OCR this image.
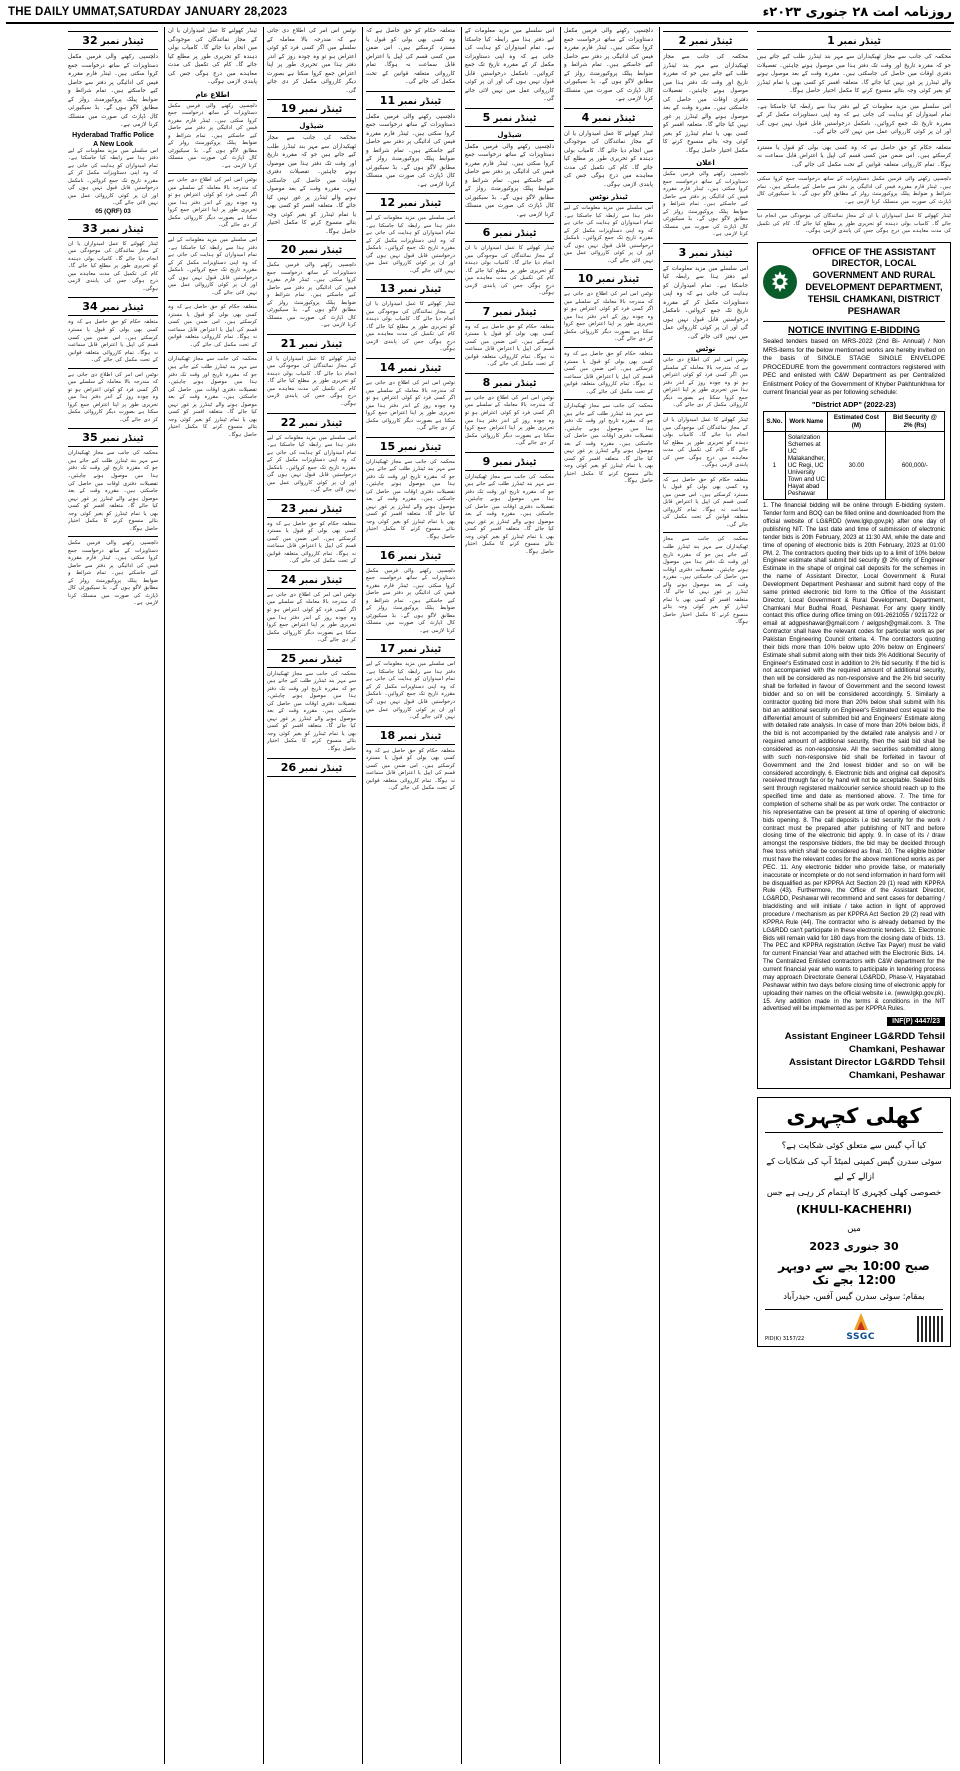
THE DAILY UMMAT,SATURDAY JANUARY 28,2023	روزنامہ امت ۲۸ جنوری ۲۰۲۳ء
ٹینڈر نمبر 1
محکمہ کی جانب سے مجاز ٹھیکیداران سے مہر بند ٹینڈرز طلب کیے جاتے ہیں جو کہ مقررہ تاریخ اور وقت تک دفتر ہذا میں موصول ہونے چاہئیں۔ تفصیلات دفتری اوقات میں حاصل کی جاسکتی ہیں۔ مقررہ وقت کے بعد موصول ہونے والے ٹینڈرز پر غور نہیں کیا جائے گا۔ متعلقہ افسر کو کسی بھی یا تمام ٹینڈرز کو بغیر کوئی وجہ بتائے منسوخ کرنے کا مکمل اختیار حاصل ہوگا۔
اس سلسلے میں مزید معلومات کے لیے دفتر ہذا سے رابطہ کیا جاسکتا ہے۔ تمام امیدواران کو ہدایت کی جاتی ہے کہ وہ اپنی دستاویزات مکمل کر کے مقررہ تاریخ تک جمع کروائیں۔ نامکمل درخواستیں قابل قبول نہیں ہوں گی اور ان پر کوئی کارروائی عمل میں نہیں لائی جائے گی۔
متعلقہ حکام کو حق حاصل ہے کہ وہ کسی بھی بولی کو قبول یا مسترد کرسکتے ہیں۔ اس ضمن میں کسی قسم کی اپیل یا اعتراض قابل سماعت نہ ہوگا۔ تمام کارروائی متعلقہ قوانین کے تحت مکمل کی جائے گی۔
دلچسپی رکھنے والی فرمیں مکمل دستاویزات کے ساتھ درخواست جمع کروا سکتی ہیں۔ ٹینڈر فارم مقررہ فیس کی ادائیگی پر دفتر سے حاصل کیے جاسکتے ہیں۔ تمام شرائط و ضوابط پبلک پروکیورمنٹ رولز کے مطابق لاگو ہوں گے۔ بڈ سیکیورٹی کال ڈپازٹ کی صورت میں منسلک کرنا لازمی ہے۔
ٹینڈر کھولنے کا عمل امیدواران یا ان کے مجاز نمائندگان کی موجودگی میں انجام دیا جائے گا۔ کامیاب بولی دہندہ کو تحریری طور پر مطلع کیا جائے گا۔ کام کی تکمیل کی مدت معاہدے میں درج ہوگی جس کی پابندی لازمی ہوگی۔
OFFICE OF THE ASSISTANT DIRECTOR, LOCAL GOVERNMENT AND RURAL DEVELOPMENT DEPARTMENT, TEHSIL CHAMKANI, DISTRICT PESHAWAR
NOTICE INVITING E-BIDDING
Sealed tenders based on MRS-2022 (2nd Bi- Annual) / Non MRS-items for the below mentioned works are hereby invited on the basis of SINGLE STAGE SINGLE ENVELOPE PROCEDURE from the government contractors registered with PEC and enlisted with C&W Department as per Centralized Enlistment Policy of the Government of Khyber Pakhtunkhwa for current financial year as per following schedule:
"District ADP" (2022-23)
S.No.	Work Name	Estimated Cost (M)	Bid Security @ 2% (Rs)
1	Solarization Schemes at UC Malakandher, UC Regi, UC University Town and UC Hayat abad Peshawar	30.00	600,000/-
1. The financial bidding will be online through E-bidding system. Tender form and BOQ can be filled online and downloaded from the official website of LG&RDD (www.lgkp.gov.pk) after one day of publishing NIT. The last date and time of submission of electronic tender bids is 20th February, 2023 at 11:30 AM, while the date and time of opening of electronic bids is 20th February, 2023 at 01:00 PM. 2. The contractors quoting their bids up to a limit of 10% below Engineer estimate shall submit bid security @ 2% only of Engineer Estimate in the shape of original call deposits for the schemes in the name of Assistant Director, Local Government & Rural Development Department Peshawar and submit hard copy of the same printed electronic bid form to the Office of the Assistant Director, Local Government & Rural Development, Department, Chamkani Mur Budhai Road, Peshawar. For any query kindly contact this office during office timing on 091-2621055 / 9211722 or email at adgpeshawar@gmail.com / aelgpsh@gmail.com. 3. The Contractor shall have the relevant codes for particular work as per Pakistan Engineering Council criteria. 4. The contractors quoting their bids more than 10% below upto 20% below on Engineers' Estimate shall submit along with their bids 3% Additional Security of Engineer's Estimated cost in addition to 2% bid security. If the bid is not accompanied with the required amount of additional security, then will be considered as non-responsive and the 2% bid security shall be forfeited in favour of Government and the second lowest bidder and so on will be considered accordingly. 5. Similarly a contractor quoting bid more than 20% below shall submit with his bid an additional security on Engineer's Estimated cost equal to the differential amount of submitted bid and Engineers' Estimate along with detailed rate analysis. In case of more than 20% below bids, if the bid is not accompanied by the detailed rate analysis and / or required amount of additional security, then the said bid shall be considered as non-responsive. All the securities submitted along with such non-responsive bid shall be forfeited in favour of Government and the 2nd lowest bidder and so on will be considered accordingly. 6. Electronic bids and original call deposit's received through fax or by hand will not be acceptable. Sealed bids sent through registered mail/courier service should reach up to the specified time and date as mentioned above. 7. The time for completion of scheme shall be as per work order. The contractor or his representative can be present at time of opening of electronic bids opening. 8. The call deposits i.e bid security for the work / contract must be prepared after publishing of NIT and before closing time of the electronic bid apply. 9. In case of its / draw amongst the responsive bidders, the bid may be decided through free toss which shall be considered as final. 10. The eligible bidder must have the relevant codes for the above mentioned works as per PEC. 11. Any electronic bidder who provide false, or materially inaccurate or incomplete or do not send information in hard form will be disqualified as per KPPRA Act Section 29 (1) read with KPPRA Rule (43). Furthermore, the Office of the Assistant Director, LG&RDD, Peshawar will recommend and sent cases for debarring / blacklisting and will initiate / take action in light of approved procedure / mechanism as per KPPRA Act Section 29 (2) read with KPPRA Rule (44). The contractor who is already debarred by the LG&RDD can't participate in these electronic tenders. 12. Electronic Bids will remain valid for 180 days from the closing date of bids. 13. The PEC and KPPRA registration /Active Tax Payer) must be valid for current Financial Year and attached with the Electronic Bids. 14. The Centralized Enlisted contractors with C&W department for the current financial year who wants to participate in tendering process may approach Directorate General LG&RDD, Phase-V, Hayatabad Peshawar within two days before closing time of electronic apply for uploading their names on the official website i.e. (www.lgkp.gov.pk). 15. Any addition made in the terms & conditions in the NIT advertised will be implemented as per KPPRA Rules.
INF(P) 4447/23
Assistant Engineer LG&RDD Tehsil Chamkani, Peshawar
Assistant Director LG&RDD Tehsil Chamkani, Peshawar
کھلی کچہری
کیا آپ گیس سے متعلق کوئی شکایت ہے؟
سوئی سدرن گیس کمپنی لمیٹڈ آپ کی شکایات کے ازالے کے لیے
خصوصی کھلی کچہری کا اہتمام کر رہی ہے جس
(KHULI-KACHEHRI)
میں
30 جنوری 2023
صبح 10:00 بجے سے دوپہر 12:00 بجے تک
بمقام: سوئی سدرن گیس آفس، حیدرآباد
PID(K) 3157/22	SSGC
ٹینڈر نمبر 2
محکمہ کی جانب سے مجاز ٹھیکیداران سے مہر بند ٹینڈرز طلب کیے جاتے ہیں جو کہ مقررہ تاریخ اور وقت تک دفتر ہذا میں موصول ہونے چاہئیں۔ تفصیلات دفتری اوقات میں حاصل کی جاسکتی ہیں۔ مقررہ وقت کے بعد موصول ہونے والے ٹینڈرز پر غور نہیں کیا جائے گا۔ متعلقہ افسر کو کسی بھی یا تمام ٹینڈرز کو بغیر کوئی وجہ بتائے منسوخ کرنے کا مکمل اختیار حاصل ہوگا۔
اعلان
دلچسپی رکھنے والی فرمیں مکمل دستاویزات کے ساتھ درخواست جمع کروا سکتی ہیں۔ ٹینڈر فارم مقررہ فیس کی ادائیگی پر دفتر سے حاصل کیے جاسکتے ہیں۔ تمام شرائط و ضوابط پبلک پروکیورمنٹ رولز کے مطابق لاگو ہوں گے۔ بڈ سیکیورٹی کال ڈپازٹ کی صورت میں منسلک کرنا لازمی ہے۔
ٹینڈر نمبر 3
اس سلسلے میں مزید معلومات کے لیے دفتر ہذا سے رابطہ کیا جاسکتا ہے۔ تمام امیدواران کو ہدایت کی جاتی ہے کہ وہ اپنی دستاویزات مکمل کر کے مقررہ تاریخ تک جمع کروائیں۔ نامکمل درخواستیں قابل قبول نہیں ہوں گی اور ان پر کوئی کارروائی عمل میں نہیں لائی جائے گی۔
نوٹس
نوٹس اس امر کی اطلاع دی جاتی ہے کہ مندرجہ بالا معاملہ کے سلسلے میں اگر کسی فرد کو کوئی اعتراض ہو تو وہ چودہ روز کے اندر دفتر ہذا میں تحریری طور پر اپنا اعتراض جمع کروا سکتا ہے بصورت دیگر کارروائی مکمل کر دی جائے گی۔
ٹینڈر کھولنے کا عمل امیدواران یا ان کے مجاز نمائندگان کی موجودگی میں انجام دیا جائے گا۔ کامیاب بولی دہندہ کو تحریری طور پر مطلع کیا جائے گا۔ کام کی تکمیل کی مدت معاہدے میں درج ہوگی جس کی پابندی لازمی ہوگی۔
متعلقہ حکام کو حق حاصل ہے کہ وہ کسی بھی بولی کو قبول یا مسترد کرسکتے ہیں۔ اس ضمن میں کسی قسم کی اپیل یا اعتراض قابل سماعت نہ ہوگا۔ تمام کارروائی متعلقہ قوانین کے تحت مکمل کی جائے گی۔
محکمہ کی جانب سے مجاز ٹھیکیداران سے مہر بند ٹینڈرز طلب کیے جاتے ہیں جو کہ مقررہ تاریخ اور وقت تک دفتر ہذا میں موصول ہونے چاہئیں۔ تفصیلات دفتری اوقات میں حاصل کی جاسکتی ہیں۔ مقررہ وقت کے بعد موصول ہونے والے ٹینڈرز پر غور نہیں کیا جائے گا۔ متعلقہ افسر کو کسی بھی یا تمام ٹینڈرز کو بغیر کوئی وجہ بتائے منسوخ کرنے کا مکمل اختیار حاصل ہوگا۔
دلچسپی رکھنے والی فرمیں مکمل دستاویزات کے ساتھ درخواست جمع کروا سکتی ہیں۔ ٹینڈر فارم مقررہ فیس کی ادائیگی پر دفتر سے حاصل کیے جاسکتے ہیں۔ تمام شرائط و ضوابط پبلک پروکیورمنٹ رولز کے مطابق لاگو ہوں گے۔ بڈ سیکیورٹی کال ڈپازٹ کی صورت میں منسلک کرنا لازمی ہے۔
ٹینڈر نمبر 4
ٹینڈر کھولنے کا عمل امیدواران یا ان کے مجاز نمائندگان کی موجودگی میں انجام دیا جائے گا۔ کامیاب بولی دہندہ کو تحریری طور پر مطلع کیا جائے گا۔ کام کی تکمیل کی مدت معاہدے میں درج ہوگی جس کی پابندی لازمی ہوگی۔
ٹینڈر نوٹس
اس سلسلے میں مزید معلومات کے لیے دفتر ہذا سے رابطہ کیا جاسکتا ہے۔ تمام امیدواران کو ہدایت کی جاتی ہے کہ وہ اپنی دستاویزات مکمل کر کے مقررہ تاریخ تک جمع کروائیں۔ نامکمل درخواستیں قابل قبول نہیں ہوں گی اور ان پر کوئی کارروائی عمل میں نہیں لائی جائے گی۔
ٹینڈر نمبر 10
نوٹس اس امر کی اطلاع دی جاتی ہے کہ مندرجہ بالا معاملہ کے سلسلے میں اگر کسی فرد کو کوئی اعتراض ہو تو وہ چودہ روز کے اندر دفتر ہذا میں تحریری طور پر اپنا اعتراض جمع کروا سکتا ہے بصورت دیگر کارروائی مکمل کر دی جائے گی۔
متعلقہ حکام کو حق حاصل ہے کہ وہ کسی بھی بولی کو قبول یا مسترد کرسکتے ہیں۔ اس ضمن میں کسی قسم کی اپیل یا اعتراض قابل سماعت نہ ہوگا۔ تمام کارروائی متعلقہ قوانین کے تحت مکمل کی جائے گی۔
محکمہ کی جانب سے مجاز ٹھیکیداران سے مہر بند ٹینڈرز طلب کیے جاتے ہیں جو کہ مقررہ تاریخ اور وقت تک دفتر ہذا میں موصول ہونے چاہئیں۔ تفصیلات دفتری اوقات میں حاصل کی جاسکتی ہیں۔ مقررہ وقت کے بعد موصول ہونے والے ٹینڈرز پر غور نہیں کیا جائے گا۔ متعلقہ افسر کو کسی بھی یا تمام ٹینڈرز کو بغیر کوئی وجہ بتائے منسوخ کرنے کا مکمل اختیار حاصل ہوگا۔
اس سلسلے میں مزید معلومات کے لیے دفتر ہذا سے رابطہ کیا جاسکتا ہے۔ تمام امیدواران کو ہدایت کی جاتی ہے کہ وہ اپنی دستاویزات مکمل کر کے مقررہ تاریخ تک جمع کروائیں۔ نامکمل درخواستیں قابل قبول نہیں ہوں گی اور ان پر کوئی کارروائی عمل میں نہیں لائی جائے گی۔
ٹینڈر نمبر 5
شیڈول
دلچسپی رکھنے والی فرمیں مکمل دستاویزات کے ساتھ درخواست جمع کروا سکتی ہیں۔ ٹینڈر فارم مقررہ فیس کی ادائیگی پر دفتر سے حاصل کیے جاسکتے ہیں۔ تمام شرائط و ضوابط پبلک پروکیورمنٹ رولز کے مطابق لاگو ہوں گے۔ بڈ سیکیورٹی کال ڈپازٹ کی صورت میں منسلک کرنا لازمی ہے۔
ٹینڈر نمبر 6
ٹینڈر کھولنے کا عمل امیدواران یا ان کے مجاز نمائندگان کی موجودگی میں انجام دیا جائے گا۔ کامیاب بولی دہندہ کو تحریری طور پر مطلع کیا جائے گا۔ کام کی تکمیل کی مدت معاہدے میں درج ہوگی جس کی پابندی لازمی ہوگی۔
ٹینڈر نمبر 7
متعلقہ حکام کو حق حاصل ہے کہ وہ کسی بھی بولی کو قبول یا مسترد کرسکتے ہیں۔ اس ضمن میں کسی قسم کی اپیل یا اعتراض قابل سماعت نہ ہوگا۔ تمام کارروائی متعلقہ قوانین کے تحت مکمل کی جائے گی۔
ٹینڈر نمبر 8
نوٹس اس امر کی اطلاع دی جاتی ہے کہ مندرجہ بالا معاملہ کے سلسلے میں اگر کسی فرد کو کوئی اعتراض ہو تو وہ چودہ روز کے اندر دفتر ہذا میں تحریری طور پر اپنا اعتراض جمع کروا سکتا ہے بصورت دیگر کارروائی مکمل کر دی جائے گی۔
ٹینڈر نمبر 9
محکمہ کی جانب سے مجاز ٹھیکیداران سے مہر بند ٹینڈرز طلب کیے جاتے ہیں جو کہ مقررہ تاریخ اور وقت تک دفتر ہذا میں موصول ہونے چاہئیں۔ تفصیلات دفتری اوقات میں حاصل کی جاسکتی ہیں۔ مقررہ وقت کے بعد موصول ہونے والے ٹینڈرز پر غور نہیں کیا جائے گا۔ متعلقہ افسر کو کسی بھی یا تمام ٹینڈرز کو بغیر کوئی وجہ بتائے منسوخ کرنے کا مکمل اختیار حاصل ہوگا۔
متعلقہ حکام کو حق حاصل ہے کہ وہ کسی بھی بولی کو قبول یا مسترد کرسکتے ہیں۔ اس ضمن میں کسی قسم کی اپیل یا اعتراض قابل سماعت نہ ہوگا۔ تمام کارروائی متعلقہ قوانین کے تحت مکمل کی جائے گی۔
ٹینڈر نمبر 11
دلچسپی رکھنے والی فرمیں مکمل دستاویزات کے ساتھ درخواست جمع کروا سکتی ہیں۔ ٹینڈر فارم مقررہ فیس کی ادائیگی پر دفتر سے حاصل کیے جاسکتے ہیں۔ تمام شرائط و ضوابط پبلک پروکیورمنٹ رولز کے مطابق لاگو ہوں گے۔ بڈ سیکیورٹی کال ڈپازٹ کی صورت میں منسلک کرنا لازمی ہے۔
ٹینڈر نمبر 12
اس سلسلے میں مزید معلومات کے لیے دفتر ہذا سے رابطہ کیا جاسکتا ہے۔ تمام امیدواران کو ہدایت کی جاتی ہے کہ وہ اپنی دستاویزات مکمل کر کے مقررہ تاریخ تک جمع کروائیں۔ نامکمل درخواستیں قابل قبول نہیں ہوں گی اور ان پر کوئی کارروائی عمل میں نہیں لائی جائے گی۔
ٹینڈر نمبر 13
ٹینڈر کھولنے کا عمل امیدواران یا ان کے مجاز نمائندگان کی موجودگی میں انجام دیا جائے گا۔ کامیاب بولی دہندہ کو تحریری طور پر مطلع کیا جائے گا۔ کام کی تکمیل کی مدت معاہدے میں درج ہوگی جس کی پابندی لازمی ہوگی۔
ٹینڈر نمبر 14
نوٹس اس امر کی اطلاع دی جاتی ہے کہ مندرجہ بالا معاملہ کے سلسلے میں اگر کسی فرد کو کوئی اعتراض ہو تو وہ چودہ روز کے اندر دفتر ہذا میں تحریری طور پر اپنا اعتراض جمع کروا سکتا ہے بصورت دیگر کارروائی مکمل کر دی جائے گی۔
ٹینڈر نمبر 15
محکمہ کی جانب سے مجاز ٹھیکیداران سے مہر بند ٹینڈرز طلب کیے جاتے ہیں جو کہ مقررہ تاریخ اور وقت تک دفتر ہذا میں موصول ہونے چاہئیں۔ تفصیلات دفتری اوقات میں حاصل کی جاسکتی ہیں۔ مقررہ وقت کے بعد موصول ہونے والے ٹینڈرز پر غور نہیں کیا جائے گا۔ متعلقہ افسر کو کسی بھی یا تمام ٹینڈرز کو بغیر کوئی وجہ بتائے منسوخ کرنے کا مکمل اختیار حاصل ہوگا۔
ٹینڈر نمبر 16
دلچسپی رکھنے والی فرمیں مکمل دستاویزات کے ساتھ درخواست جمع کروا سکتی ہیں۔ ٹینڈر فارم مقررہ فیس کی ادائیگی پر دفتر سے حاصل کیے جاسکتے ہیں۔ تمام شرائط و ضوابط پبلک پروکیورمنٹ رولز کے مطابق لاگو ہوں گے۔ بڈ سیکیورٹی کال ڈپازٹ کی صورت میں منسلک کرنا لازمی ہے۔
ٹینڈر نمبر 17
اس سلسلے میں مزید معلومات کے لیے دفتر ہذا سے رابطہ کیا جاسکتا ہے۔ تمام امیدواران کو ہدایت کی جاتی ہے کہ وہ اپنی دستاویزات مکمل کر کے مقررہ تاریخ تک جمع کروائیں۔ نامکمل درخواستیں قابل قبول نہیں ہوں گی اور ان پر کوئی کارروائی عمل میں نہیں لائی جائے گی۔
ٹینڈر نمبر 18
متعلقہ حکام کو حق حاصل ہے کہ وہ کسی بھی بولی کو قبول یا مسترد کرسکتے ہیں۔ اس ضمن میں کسی قسم کی اپیل یا اعتراض قابل سماعت نہ ہوگا۔ تمام کارروائی متعلقہ قوانین کے تحت مکمل کی جائے گی۔
نوٹس اس امر کی اطلاع دی جاتی ہے کہ مندرجہ بالا معاملہ کے سلسلے میں اگر کسی فرد کو کوئی اعتراض ہو تو وہ چودہ روز کے اندر دفتر ہذا میں تحریری طور پر اپنا اعتراض جمع کروا سکتا ہے بصورت دیگر کارروائی مکمل کر دی جائے گی۔
ٹینڈر نمبر 19
شیڈول
محکمہ کی جانب سے مجاز ٹھیکیداران سے مہر بند ٹینڈرز طلب کیے جاتے ہیں جو کہ مقررہ تاریخ اور وقت تک دفتر ہذا میں موصول ہونے چاہئیں۔ تفصیلات دفتری اوقات میں حاصل کی جاسکتی ہیں۔ مقررہ وقت کے بعد موصول ہونے والے ٹینڈرز پر غور نہیں کیا جائے گا۔ متعلقہ افسر کو کسی بھی یا تمام ٹینڈرز کو بغیر کوئی وجہ بتائے منسوخ کرنے کا مکمل اختیار حاصل ہوگا۔
ٹینڈر نمبر 20
دلچسپی رکھنے والی فرمیں مکمل دستاویزات کے ساتھ درخواست جمع کروا سکتی ہیں۔ ٹینڈر فارم مقررہ فیس کی ادائیگی پر دفتر سے حاصل کیے جاسکتے ہیں۔ تمام شرائط و ضوابط پبلک پروکیورمنٹ رولز کے مطابق لاگو ہوں گے۔ بڈ سیکیورٹی کال ڈپازٹ کی صورت میں منسلک کرنا لازمی ہے۔
ٹینڈر نمبر 21
ٹینڈر کھولنے کا عمل امیدواران یا ان کے مجاز نمائندگان کی موجودگی میں انجام دیا جائے گا۔ کامیاب بولی دہندہ کو تحریری طور پر مطلع کیا جائے گا۔ کام کی تکمیل کی مدت معاہدے میں درج ہوگی جس کی پابندی لازمی ہوگی۔
ٹینڈر نمبر 22
اس سلسلے میں مزید معلومات کے لیے دفتر ہذا سے رابطہ کیا جاسکتا ہے۔ تمام امیدواران کو ہدایت کی جاتی ہے کہ وہ اپنی دستاویزات مکمل کر کے مقررہ تاریخ تک جمع کروائیں۔ نامکمل درخواستیں قابل قبول نہیں ہوں گی اور ان پر کوئی کارروائی عمل میں نہیں لائی جائے گی۔
ٹینڈر نمبر 23
متعلقہ حکام کو حق حاصل ہے کہ وہ کسی بھی بولی کو قبول یا مسترد کرسکتے ہیں۔ اس ضمن میں کسی قسم کی اپیل یا اعتراض قابل سماعت نہ ہوگا۔ تمام کارروائی متعلقہ قوانین کے تحت مکمل کی جائے گی۔
ٹینڈر نمبر 24
نوٹس اس امر کی اطلاع دی جاتی ہے کہ مندرجہ بالا معاملہ کے سلسلے میں اگر کسی فرد کو کوئی اعتراض ہو تو وہ چودہ روز کے اندر دفتر ہذا میں تحریری طور پر اپنا اعتراض جمع کروا سکتا ہے بصورت دیگر کارروائی مکمل کر دی جائے گی۔
ٹینڈر نمبر 25
محکمہ کی جانب سے مجاز ٹھیکیداران سے مہر بند ٹینڈرز طلب کیے جاتے ہیں جو کہ مقررہ تاریخ اور وقت تک دفتر ہذا میں موصول ہونے چاہئیں۔ تفصیلات دفتری اوقات میں حاصل کی جاسکتی ہیں۔ مقررہ وقت کے بعد موصول ہونے والے ٹینڈرز پر غور نہیں کیا جائے گا۔ متعلقہ افسر کو کسی بھی یا تمام ٹینڈرز کو بغیر کوئی وجہ بتائے منسوخ کرنے کا مکمل اختیار حاصل ہوگا۔
ٹینڈر نمبر 26
ٹینڈر کھولنے کا عمل امیدواران یا ان کے مجاز نمائندگان کی موجودگی میں انجام دیا جائے گا۔ کامیاب بولی دہندہ کو تحریری طور پر مطلع کیا جائے گا۔ کام کی تکمیل کی مدت معاہدے میں درج ہوگی جس کی پابندی لازمی ہوگی۔
اطلاع عام
دلچسپی رکھنے والی فرمیں مکمل دستاویزات کے ساتھ درخواست جمع کروا سکتی ہیں۔ ٹینڈر فارم مقررہ فیس کی ادائیگی پر دفتر سے حاصل کیے جاسکتے ہیں۔ تمام شرائط و ضوابط پبلک پروکیورمنٹ رولز کے مطابق لاگو ہوں گے۔ بڈ سیکیورٹی کال ڈپازٹ کی صورت میں منسلک کرنا لازمی ہے۔
نوٹس اس امر کی اطلاع دی جاتی ہے کہ مندرجہ بالا معاملہ کے سلسلے میں اگر کسی فرد کو کوئی اعتراض ہو تو وہ چودہ روز کے اندر دفتر ہذا میں تحریری طور پر اپنا اعتراض جمع کروا سکتا ہے بصورت دیگر کارروائی مکمل کر دی جائے گی۔
اس سلسلے میں مزید معلومات کے لیے دفتر ہذا سے رابطہ کیا جاسکتا ہے۔ تمام امیدواران کو ہدایت کی جاتی ہے کہ وہ اپنی دستاویزات مکمل کر کے مقررہ تاریخ تک جمع کروائیں۔ نامکمل درخواستیں قابل قبول نہیں ہوں گی اور ان پر کوئی کارروائی عمل میں نہیں لائی جائے گی۔
متعلقہ حکام کو حق حاصل ہے کہ وہ کسی بھی بولی کو قبول یا مسترد کرسکتے ہیں۔ اس ضمن میں کسی قسم کی اپیل یا اعتراض قابل سماعت نہ ہوگا۔ تمام کارروائی متعلقہ قوانین کے تحت مکمل کی جائے گی۔
محکمہ کی جانب سے مجاز ٹھیکیداران سے مہر بند ٹینڈرز طلب کیے جاتے ہیں جو کہ مقررہ تاریخ اور وقت تک دفتر ہذا میں موصول ہونے چاہئیں۔ تفصیلات دفتری اوقات میں حاصل کی جاسکتی ہیں۔ مقررہ وقت کے بعد موصول ہونے والے ٹینڈرز پر غور نہیں کیا جائے گا۔ متعلقہ افسر کو کسی بھی یا تمام ٹینڈرز کو بغیر کوئی وجہ بتائے منسوخ کرنے کا مکمل اختیار حاصل ہوگا۔
ٹینڈر نمبر 32
دلچسپی رکھنے والی فرمیں مکمل دستاویزات کے ساتھ درخواست جمع کروا سکتی ہیں۔ ٹینڈر فارم مقررہ فیس کی ادائیگی پر دفتر سے حاصل کیے جاسکتے ہیں۔ تمام شرائط و ضوابط پبلک پروکیورمنٹ رولز کے مطابق لاگو ہوں گے۔ بڈ سیکیورٹی کال ڈپازٹ کی صورت میں منسلک کرنا لازمی ہے۔
Hyderabad Traffic Police
A New Look
اس سلسلے میں مزید معلومات کے لیے دفتر ہذا سے رابطہ کیا جاسکتا ہے۔ تمام امیدواران کو ہدایت کی جاتی ہے کہ وہ اپنی دستاویزات مکمل کر کے مقررہ تاریخ تک جمع کروائیں۔ نامکمل درخواستیں قابل قبول نہیں ہوں گی اور ان پر کوئی کارروائی عمل میں نہیں لائی جائے گی۔
05 (QRF) 03
ٹینڈر نمبر 33
ٹینڈر کھولنے کا عمل امیدواران یا ان کے مجاز نمائندگان کی موجودگی میں انجام دیا جائے گا۔ کامیاب بولی دہندہ کو تحریری طور پر مطلع کیا جائے گا۔ کام کی تکمیل کی مدت معاہدے میں درج ہوگی جس کی پابندی لازمی ہوگی۔
ٹینڈر نمبر 34
متعلقہ حکام کو حق حاصل ہے کہ وہ کسی بھی بولی کو قبول یا مسترد کرسکتے ہیں۔ اس ضمن میں کسی قسم کی اپیل یا اعتراض قابل سماعت نہ ہوگا۔ تمام کارروائی متعلقہ قوانین کے تحت مکمل کی جائے گی۔
نوٹس اس امر کی اطلاع دی جاتی ہے کہ مندرجہ بالا معاملہ کے سلسلے میں اگر کسی فرد کو کوئی اعتراض ہو تو وہ چودہ روز کے اندر دفتر ہذا میں تحریری طور پر اپنا اعتراض جمع کروا سکتا ہے بصورت دیگر کارروائی مکمل کر دی جائے گی۔
ٹینڈر نمبر 35
محکمہ کی جانب سے مجاز ٹھیکیداران سے مہر بند ٹینڈرز طلب کیے جاتے ہیں جو کہ مقررہ تاریخ اور وقت تک دفتر ہذا میں موصول ہونے چاہئیں۔ تفصیلات دفتری اوقات میں حاصل کی جاسکتی ہیں۔ مقررہ وقت کے بعد موصول ہونے والے ٹینڈرز پر غور نہیں کیا جائے گا۔ متعلقہ افسر کو کسی بھی یا تمام ٹینڈرز کو بغیر کوئی وجہ بتائے منسوخ کرنے کا مکمل اختیار حاصل ہوگا۔
دلچسپی رکھنے والی فرمیں مکمل دستاویزات کے ساتھ درخواست جمع کروا سکتی ہیں۔ ٹینڈر فارم مقررہ فیس کی ادائیگی پر دفتر سے حاصل کیے جاسکتے ہیں۔ تمام شرائط و ضوابط پبلک پروکیورمنٹ رولز کے مطابق لاگو ہوں گے۔ بڈ سیکیورٹی کال ڈپازٹ کی صورت میں منسلک کرنا لازمی ہے۔
